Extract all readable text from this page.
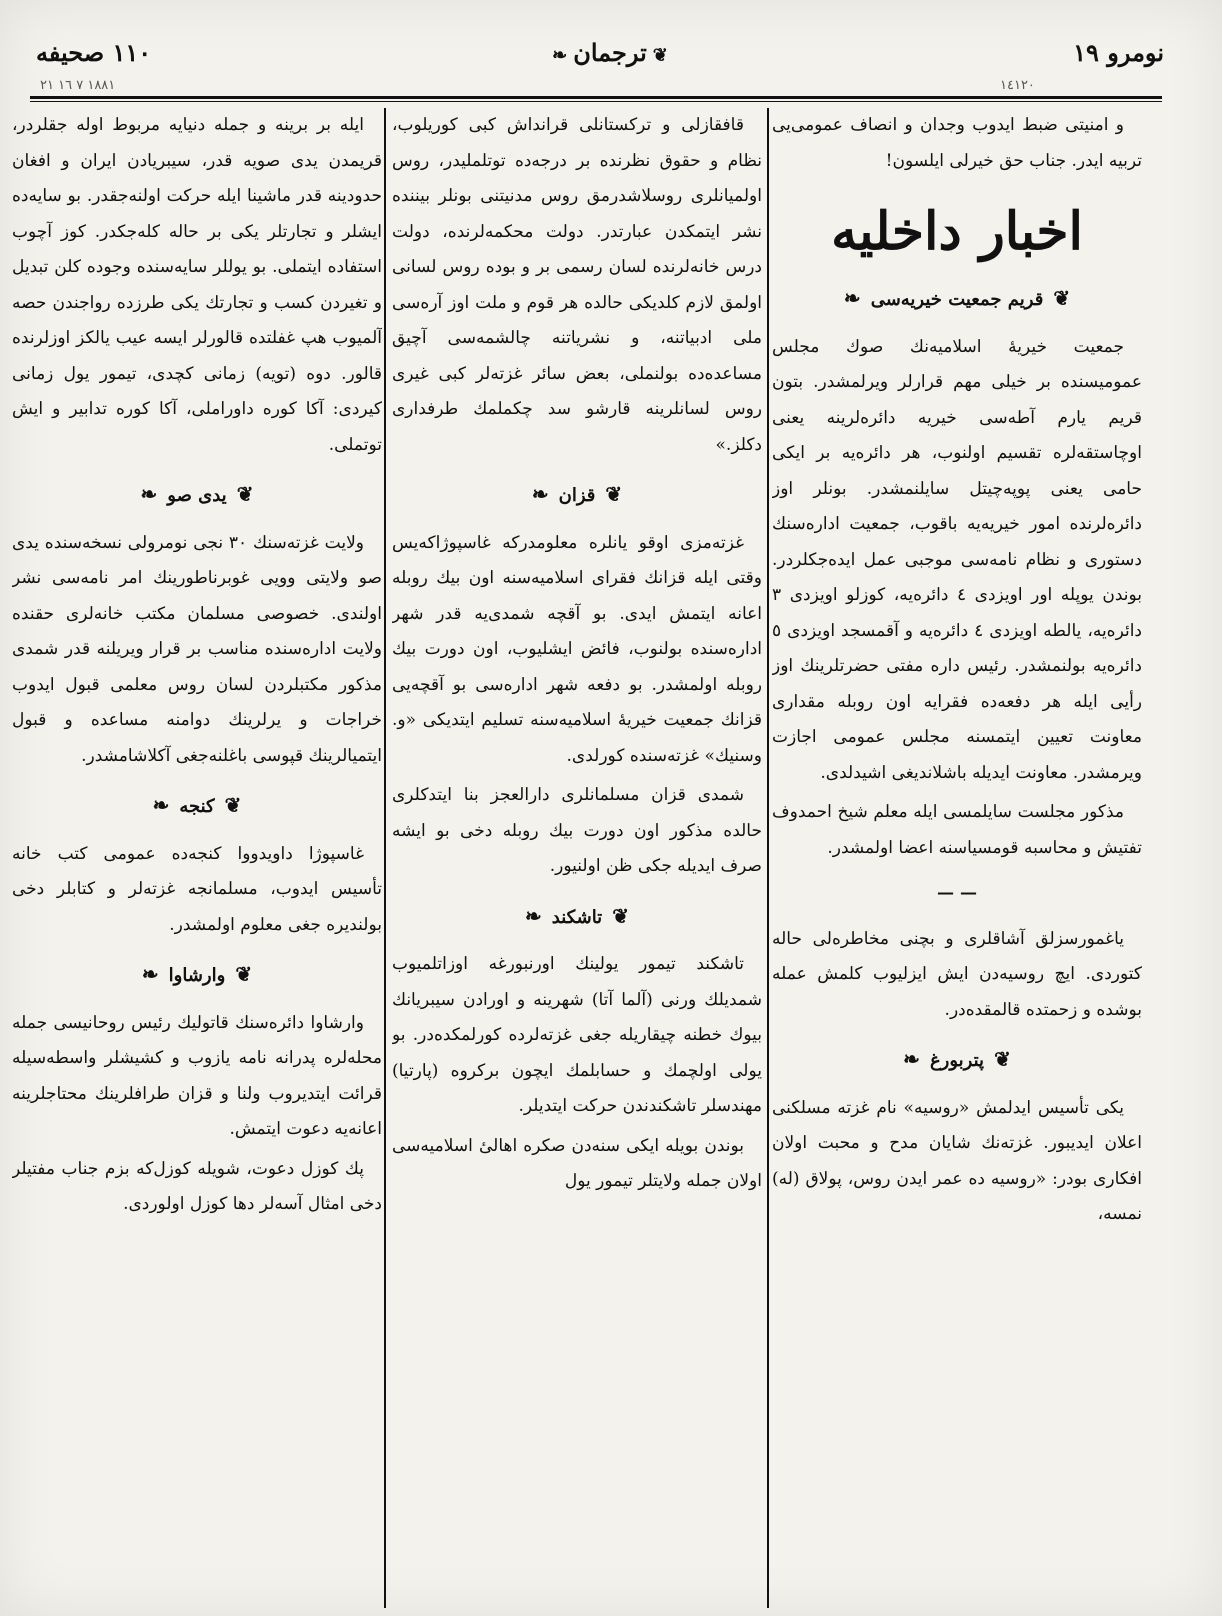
١١٠ صحيفه	❦ترجمان❧	نومرو ١٩
١٨٨١ ٧ ١٦ ٢١	١٤١٢٠

و امنیتی ضبط ایدوب وجدان و انصاف عمومی‌یی تربیه ایدر. جناب حق خیرلی ایلسون!

اخبار داخلیه
❦قریم جمعیت خیریه‌سی❧

جمعیت خیریهٔ اسلامیه‌نك صوك مجلس عمومیسنده بر خیلی مهم قرارلر ویرلمشدر. بتون قریم یارم آطه‌سی خیریه دائره‌لرینه یعنی اوچاستقه‌لره تقسیم اولنوب، هر دائره‌یه بر ایکی حامی یعنی پوپه‌چیتل سایلنمشدر. بونلر اوز دائره‌لرنده امور خیریه‌یه باقوب، جمعیت اداره‌سنك دستوری و نظام نامه‌سی موجبی عمل ایده‌جکلردر. بوندن یوپله اور اویزدی ٤ دائره‌یه، کوزلو اویزدی ٣ دائره‌یه، یالطه اویزدی ٤ دائره‌یه و آقمسجد اویزدی ٥ دائره‌یه بولنمشدر. رئیس داره مفتی حضرتلرینك اوز رأیی ایله هر دفعه‌ده فقرایه اون روبله مقداری معاونت تعیین ایتمسنه مجلس عمومی اجازت ویرمشدر. معاونت ایدیله باشلاندیغی اشیدلدی.

مذکور مجلست سایلمسی ایله معلم شیخ احمدوف تفتیش و محاسبه قومسیاسنه اعضا اولمشدر.

— —

یاغمورسزلق آشاقلری و بچنی مخاطره‌لی حاله کتوردی. ایچ روسیه‌دن ایش ایزلیوب کلمش عمله بوشده و زحمتده قالمقده‌در.

❦پتربورغ❧

یکی تأسیس ایدلمش «روسیه» نام غزته مسلکنی اعلان ایدیبور. غزته‌نك شایان مدح و محبت اولان افکاری بودر: «روسیه ده عمر ایدن روس، پولاق (له) نمسه،

قافقازلی و ترکستانلی قرانداش کبی کوریلوب، نظام و حقوق نظرنده بر درجه‌ده توتلملیدر، روس اولمیانلری روسلاشدرمق روس مدنیتنی بونلر بیننده نشر ایتمکدن عبارتدر. دولت محکمه‌لرنده، دولت درس خانه‌لرنده لسان رسمی بر و بوده روس لسانی اولمق لازم کلدیکی حالده هر قوم و ملت اوز آره‌سی ملی ادبیاتنه، و نشریاتنه چالشمه‌سی آچیق مساعده‌ده بولنملی، بعض سائر غزته‌لر کبی غیری روس لسانلرینه قارشو سد چکملمك طرفداری دکلز.»

❦قزان❧

غزته‌مزی اوقو یانلره معلومدرکه غاسپوژاکه‌یس وقتی ایله قزانك فقرای اسلامیه‌سنه اون بیك روبله اعانه ایتمش ایدی. بو آقچه شمدی‌یه قدر شهر اداره‌سنده بولنوب، فائض ایشلیوب، اون دورت بیك روبله اولمشدر. بو دفعه شهر اداره‌سی بو آقچه‌یی قزانك جمعیت خیریهٔ اسلامیه‌سنه تسلیم ایتدیکی «و. وسنیك» غزته‌سنده کورلدی.

شمدی قزان مسلمانلری دارالعجز بنا ایتدکلری حالده مذکور اون دورت بیك روبله دخی بو ایشه صرف ایدیله جکی ظن اولنیور.

❦تاشکند❧

تاشکند تیمور یولینك اورنبورغه اوزاتلمیوب شمدیلك ورنی (آلما آتا) شهرینه و اورادن سیبریانك بیوك خطنه چیقاریله جغی غزته‌لرده کورلمکده‌در. بو یولی اولچمك و حسابلمك ایچون برکروه (پارتیا) مهندسلر تاشکندندن حرکت ایتدیلر.

بوندن بویله ایکی سنه‌دن صکره اهالیٔ اسلامیه‌سی اولان جمله ولایتلر تیمور یول

ایله بر برینه و جمله دنیایه مربوط اوله جقلردر، قریمدن یدی صویه قدر، سیبریادن ایران و افغان حدودینه قدر ماشینا ایله حرکت اولنه‌جقدر. بو سایه‌ده ایشلر و تجارتلر یکی بر حاله کله‌جکدر. کوز آچوب استفاده ایتملی. بو یوللر سایه‌سنده وجوده کلن تبدیل و تغیردن کسب و تجارتك یکی طرزده رواجندن حصه آلمیوب هپ غفلتده قالورلر ایسه عیب یالکز اوزلرنده قالور. دوه (تویه) زمانی کچدی، تیمور یول زمانی کیردی: آکا کوره داوراملی، آکا کوره تدابیر و ایش توتملی.

❦یدی صو❧

ولایت غزته‌سنك ٣٠ نجی نومرولی نسخه‌سنده یدی صو ولایتی وویی غوبرناطورینك امر نامه‌سی نشر اولندی. خصوصی مسلمان مکتب خانه‌لری حقنده ولایت اداره‌سنده مناسب بر قرار ویریلنه قدر شمدی مذکور مکتبلردن لسان روس معلمی قبول ایدوب خراجات و یرلرینك دوامنه مساعده و قبول ایتمیالرینك قپوسی باغلنه‌جغی آکلاشامشدر.

❦کنجه❧

غاسپوژا داویدووا کنجه‌ده عمومی کتب خانه تأسیس ایدوب، مسلمانجه غزته‌لر و کتابلر دخی بولندیره جغی معلوم اولمشدر.

❦وارشاوا❧

وارشاوا دائره‌سنك قاتولیك رئیس روحانیسی جمله محله‌لره پدرانه نامه یازوب و کشیشلر واسطه‌سیله قرائت ایتدیروب ولنا و قزان طرافلرینك محتاجلرینه اعانه‌یه دعوت ایتمش.

پك کوزل دعوت، شویله کوزل‌که بزم جناب مفتیلر دخی امثال آسه‌لر دها کوزل اولوردی.
